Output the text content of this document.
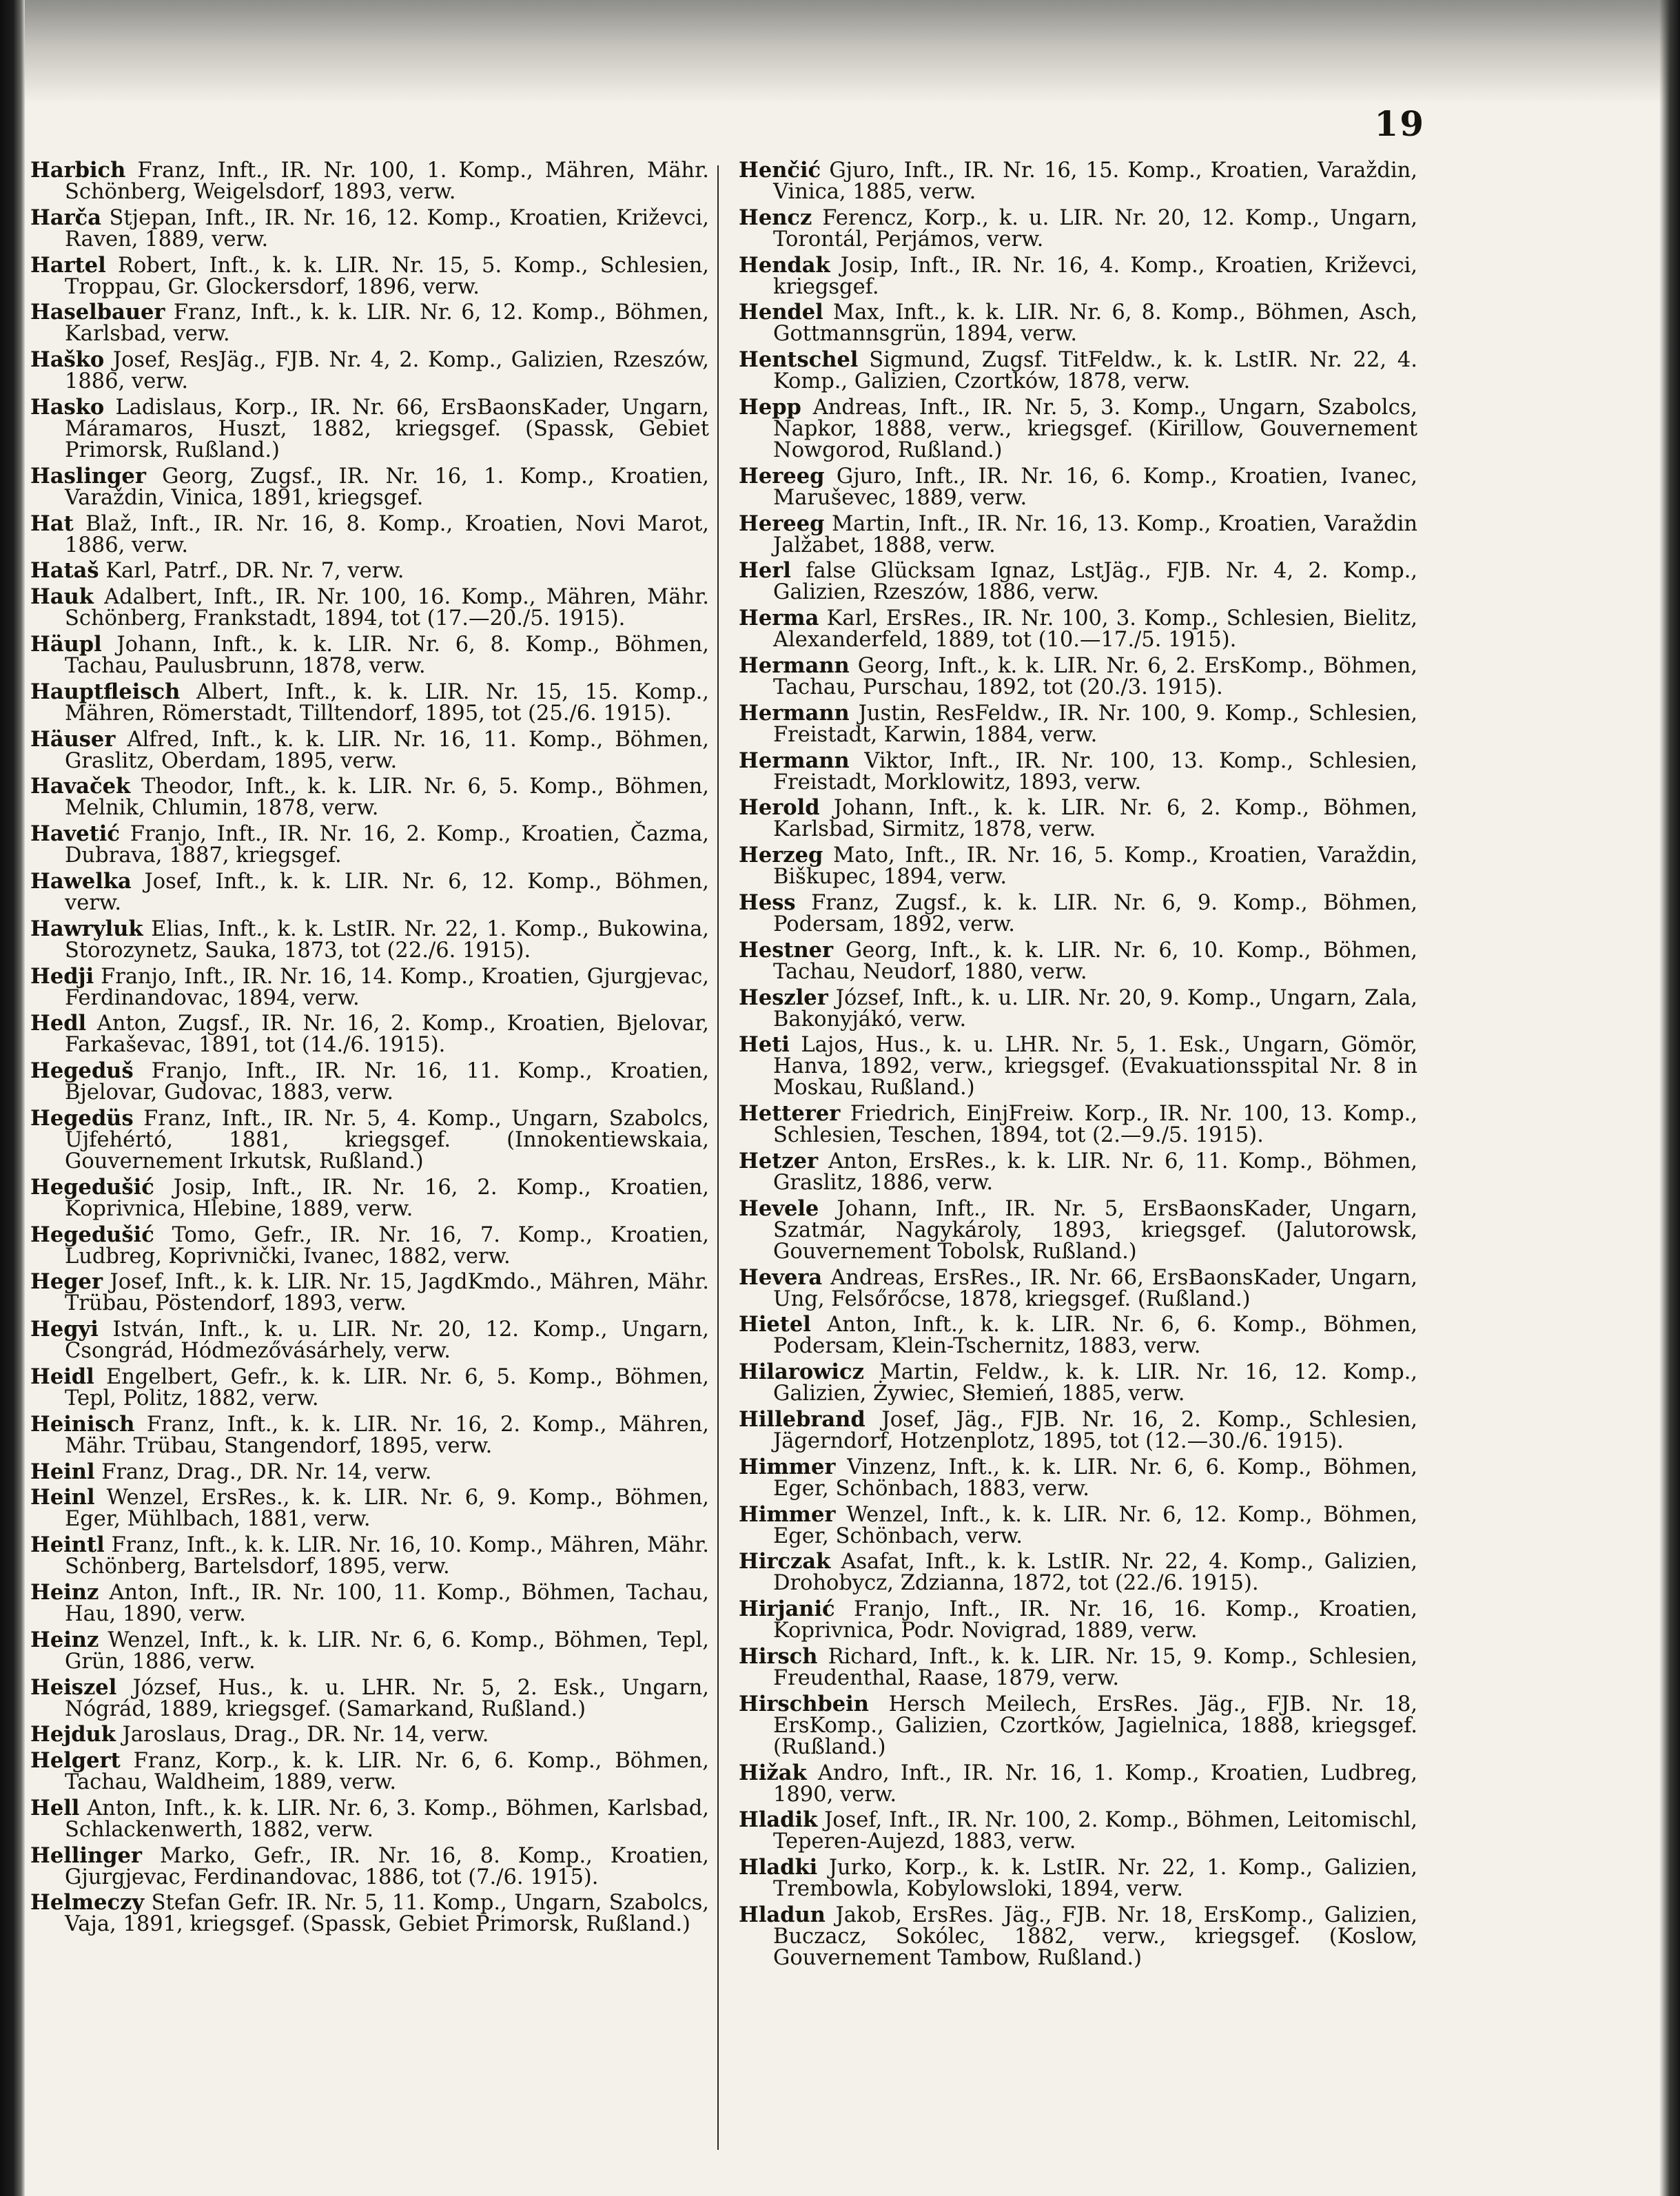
19

Harbich Franz, Inft., IR. Nr. 100, 1. Komp., Mähren, Mähr. Schönberg, Weigelsdorf, 1893, verw.

Harča Stjepan, Inft., IR. Nr. 16, 12. Komp., Kroatien, Križevci, Raven, 1889, verw.

Hartel Robert, Inft., k. k. LIR. Nr. 15, 5. Komp., Schlesien, Troppau, Gr. Glockersdorf, 1896, verw.

Haselbauer Franz, Inft., k. k. LIR. Nr. 6, 12. Komp., Böhmen, Karlsbad, verw.

Haško Josef, ResJäg., FJB. Nr. 4, 2. Komp., Galizien, Rzeszów, 1886, verw.

Hasko Ladislaus, Korp., IR. Nr. 66, ErsBaonsKader, Ungarn, Máramaros, Huszt, 1882, kriegsgef. (Spassk, Gebiet Primorsk, Rußland.)

Haslinger Georg, Zugsf., IR. Nr. 16, 1. Komp., Kroatien, Varaždin, Vinica, 1891, kriegsgef.

Hat Blaž, Inft., IR. Nr. 16, 8. Komp., Kroatien, Novi Marot, 1886, verw.

Hataš Karl, Patrf., DR. Nr. 7, verw.

Hauk Adalbert, Inft., IR. Nr. 100, 16. Komp., Mähren, Mähr. Schönberg, Frankstadt, 1894, tot (17.—20./5. 1915).

Häupl Johann, Inft., k. k. LIR. Nr. 6, 8. Komp., Böhmen, Tachau, Paulusbrunn, 1878, verw.

Hauptfleisch Albert, Inft., k. k. LIR. Nr. 15, 15. Komp., Mähren, Römerstadt, Tilltendorf, 1895, tot (25./6. 1915).

Häuser Alfred, Inft., k. k. LIR. Nr. 16, 11. Komp., Böhmen, Graslitz, Oberdam, 1895, verw.

Havaček Theodor, Inft., k. k. LIR. Nr. 6, 5. Komp., Böhmen, Melnik, Chlumin, 1878, verw.

Havetić Franjo, Inft., IR. Nr. 16, 2. Komp., Kroatien, Čazma, Dubrava, 1887, kriegsgef.

Hawelka Josef, Inft., k. k. LIR. Nr. 6, 12. Komp., Böhmen, verw.

Hawryluk Elias, Inft., k. k. LstIR. Nr. 22, 1. Komp., Bukowina, Storozynetz, Sauka, 1873, tot (22./6. 1915).

Hedji Franjo, Inft., IR. Nr. 16, 14. Komp., Kroatien, Gjurgjevac, Ferdinandovac, 1894, verw.

Hedl Anton, Zugsf., IR. Nr. 16, 2. Komp., Kroatien, Bjelovar, Farkaševac, 1891, tot (14./6. 1915).

Hegeduš Franjo, Inft., IR. Nr. 16, 11. Komp., Kroatien, Bjelovar, Gudovac, 1883, verw.

Hegedüs Franz, Inft., IR. Nr. 5, 4. Komp., Ungarn, Szabolcs, Ujfehértó, 1881, kriegsgef. (Innokentiewskaia, Gouvernement Irkutsk, Rußland.)

Hegedušić Josip, Inft., IR. Nr. 16, 2. Komp., Kroatien, Koprivnica, Hlebine, 1889, verw.

Hegedušić Tomo, Gefr., IR. Nr. 16, 7. Komp., Kroatien, Ludbreg, Koprivnički, Ivanec, 1882, verw.

Heger Josef, Inft., k. k. LIR. Nr. 15, JagdKmdo., Mähren, Mähr. Trübau, Pöstendorf, 1893, verw.

Hegyi István, Inft., k. u. LIR. Nr. 20, 12. Komp., Ungarn, Csongrád, Hódmezővásárhely, verw.

Heidl Engelbert, Gefr., k. k. LIR. Nr. 6, 5. Komp., Böhmen, Tepl, Politz, 1882, verw.

Heinisch Franz, Inft., k. k. LIR. Nr. 16, 2. Komp., Mähren, Mähr. Trübau, Stangendorf, 1895, verw.

Heinl Franz, Drag., DR. Nr. 14, verw.

Heinl Wenzel, ErsRes., k. k. LIR. Nr. 6, 9. Komp., Böhmen, Eger, Mühlbach, 1881, verw.

Heintl Franz, Inft., k. k. LIR. Nr. 16, 10. Komp., Mähren, Mähr. Schönberg, Bartelsdorf, 1895, verw.

Heinz Anton, Inft., IR. Nr. 100, 11. Komp., Böhmen, Tachau, Hau, 1890, verw.

Heinz Wenzel, Inft., k. k. LIR. Nr. 6, 6. Komp., Böhmen, Tepl, Grün, 1886, verw.

Heiszel József, Hus., k. u. LHR. Nr. 5, 2. Esk., Ungarn, Nógrád, 1889, kriegsgef. (Samarkand, Rußland.)

Hejduk Jaroslaus, Drag., DR. Nr. 14, verw.

Helgert Franz, Korp., k. k. LIR. Nr. 6, 6. Komp., Böhmen, Tachau, Waldheim, 1889, verw.

Hell Anton, Inft., k. k. LIR. Nr. 6, 3. Komp., Böhmen, Karlsbad, Schlackenwerth, 1882, verw.

Hellinger Marko, Gefr., IR. Nr. 16, 8. Komp., Kroatien, Gjurgjevac, Ferdinandovac, 1886, tot (7./6. 1915).

Helmeczy Stefan Gefr. IR. Nr. 5, 11. Komp., Ungarn, Szabolcs, Vaja, 1891, kriegsgef. (Spassk, Gebiet Primorsk, Rußland.)

Henčić Gjuro, Inft., IR. Nr. 16, 15. Komp., Kroatien, Varaždin, Vinica, 1885, verw.

Hencz Ferencz, Korp., k. u. LIR. Nr. 20, 12. Komp., Ungarn, Torontál, Perjámos, verw.

Hendak Josip, Inft., IR. Nr. 16, 4. Komp., Kroatien, Križevci, kriegsgef.

Hendel Max, Inft., k. k. LIR. Nr. 6, 8. Komp., Böhmen, Asch, Gottmannsgrün, 1894, verw.

Hentschel Sigmund, Zugsf. TitFeldw., k. k. LstIR. Nr. 22, 4. Komp., Galizien, Czortków, 1878, verw.

Hepp Andreas, Inft., IR. Nr. 5, 3. Komp., Ungarn, Szabolcs, Napkor, 1888, verw., kriegsgef. (Kirillow, Gouvernement Nowgorod, Rußland.)

Hereeg Gjuro, Inft., IR. Nr. 16, 6. Komp., Kroatien, Ivanec, Maruševec, 1889, verw.

Hereeg Martin, Inft., IR. Nr. 16, 13. Komp., Kroatien, Varaždin Jalžabet, 1888, verw.

Herl false Glücksam Ignaz, LstJäg., FJB. Nr. 4, 2. Komp., Galizien, Rzeszów, 1886, verw.

Herma Karl, ErsRes., IR. Nr. 100, 3. Komp., Schlesien, Bielitz, Alexanderfeld, 1889, tot (10.—17./5. 1915).

Hermann Georg, Inft., k. k. LIR. Nr. 6, 2. ErsKomp., Böhmen, Tachau, Purschau, 1892, tot (20./3. 1915).

Hermann Justin, ResFeldw., IR. Nr. 100, 9. Komp., Schlesien, Freistadt, Karwin, 1884, verw.

Hermann Viktor, Inft., IR. Nr. 100, 13. Komp., Schlesien, Freistadt, Morklowitz, 1893, verw.

Herold Johann, Inft., k. k. LIR. Nr. 6, 2. Komp., Böhmen, Karlsbad, Sirmitz, 1878, verw.

Herzeg Mato, Inft., IR. Nr. 16, 5. Komp., Kroatien, Varaždin, Biškupec, 1894, verw.

Hess Franz, Zugsf., k. k. LIR. Nr. 6, 9. Komp., Böhmen, Podersam, 1892, verw.

Hestner Georg, Inft., k. k. LIR. Nr. 6, 10. Komp., Böhmen, Tachau, Neudorf, 1880, verw.

Heszler József, Inft., k. u. LIR. Nr. 20, 9. Komp., Ungarn, Zala, Bakonyjákó, verw.

Heti Lajos, Hus., k. u. LHR. Nr. 5, 1. Esk., Ungarn, Gömör, Hanva, 1892, verw., kriegsgef. (Evakuationsspital Nr. 8 in Moskau, Rußland.)

Hetterer Friedrich, EinjFreiw. Korp., IR. Nr. 100, 13. Komp., Schlesien, Teschen, 1894, tot (2.—9./5. 1915).

Hetzer Anton, ErsRes., k. k. LIR. Nr. 6, 11. Komp., Böhmen, Graslitz, 1886, verw.

Hevele Johann, Inft., IR. Nr. 5, ErsBaonsKader, Ungarn, Szatmár, Nagykároly, 1893, kriegsgef. (Jalutorowsk, Gouvernement Tobolsk, Rußland.)

Hevera Andreas, ErsRes., IR. Nr. 66, ErsBaonsKader, Ungarn, Ung, Felsőrőcse, 1878, kriegsgef. (Rußland.)

Hietel Anton, Inft., k. k. LIR. Nr. 6, 6. Komp., Böhmen, Podersam, Klein-Tschernitz, 1883, verw.

Hilarowicz Martin, Feldw., k. k. LIR. Nr. 16, 12. Komp., Galizien, Żywiec, Słemień, 1885, verw.

Hillebrand Josef, Jäg., FJB. Nr. 16, 2. Komp., Schlesien, Jägerndorf, Hotzenplotz, 1895, tot (12.—30./6. 1915).

Himmer Vinzenz, Inft., k. k. LIR. Nr. 6, 6. Komp., Böhmen, Eger, Schönbach, 1883, verw.

Himmer Wenzel, Inft., k. k. LIR. Nr. 6, 12. Komp., Böhmen, Eger, Schönbach, verw.

Hirczak Asafat, Inft., k. k. LstIR. Nr. 22, 4. Komp., Galizien, Drohobycz, Zdzianna, 1872, tot (22./6. 1915).

Hirjanić Franjo, Inft., IR. Nr. 16, 16. Komp., Kroatien, Koprivnica, Podr. Novigrad, 1889, verw.

Hirsch Richard, Inft., k. k. LIR. Nr. 15, 9. Komp., Schlesien, Freudenthal, Raase, 1879, verw.

Hirschbein Hersch Meilech, ErsRes. Jäg., FJB. Nr. 18, ErsKomp., Galizien, Czortków, Jagielnica, 1888, kriegsgef. (Rußland.)

Hižak Andro, Inft., IR. Nr. 16, 1. Komp., Kroatien, Ludbreg, 1890, verw.

Hladik Josef, Inft., IR. Nr. 100, 2. Komp., Böhmen, Leitomischl, Teperen-Aujezd, 1883, verw.

Hladki Jurko, Korp., k. k. LstIR. Nr. 22, 1. Komp., Galizien, Trembowla, Kobylowsloki, 1894, verw.

Hladun Jakob, ErsRes. Jäg., FJB. Nr. 18, ErsKomp., Galizien, Buczacz, Sokólec, 1882, verw., kriegsgef. (Koslow, Gouvernement Tambow, Rußland.)
